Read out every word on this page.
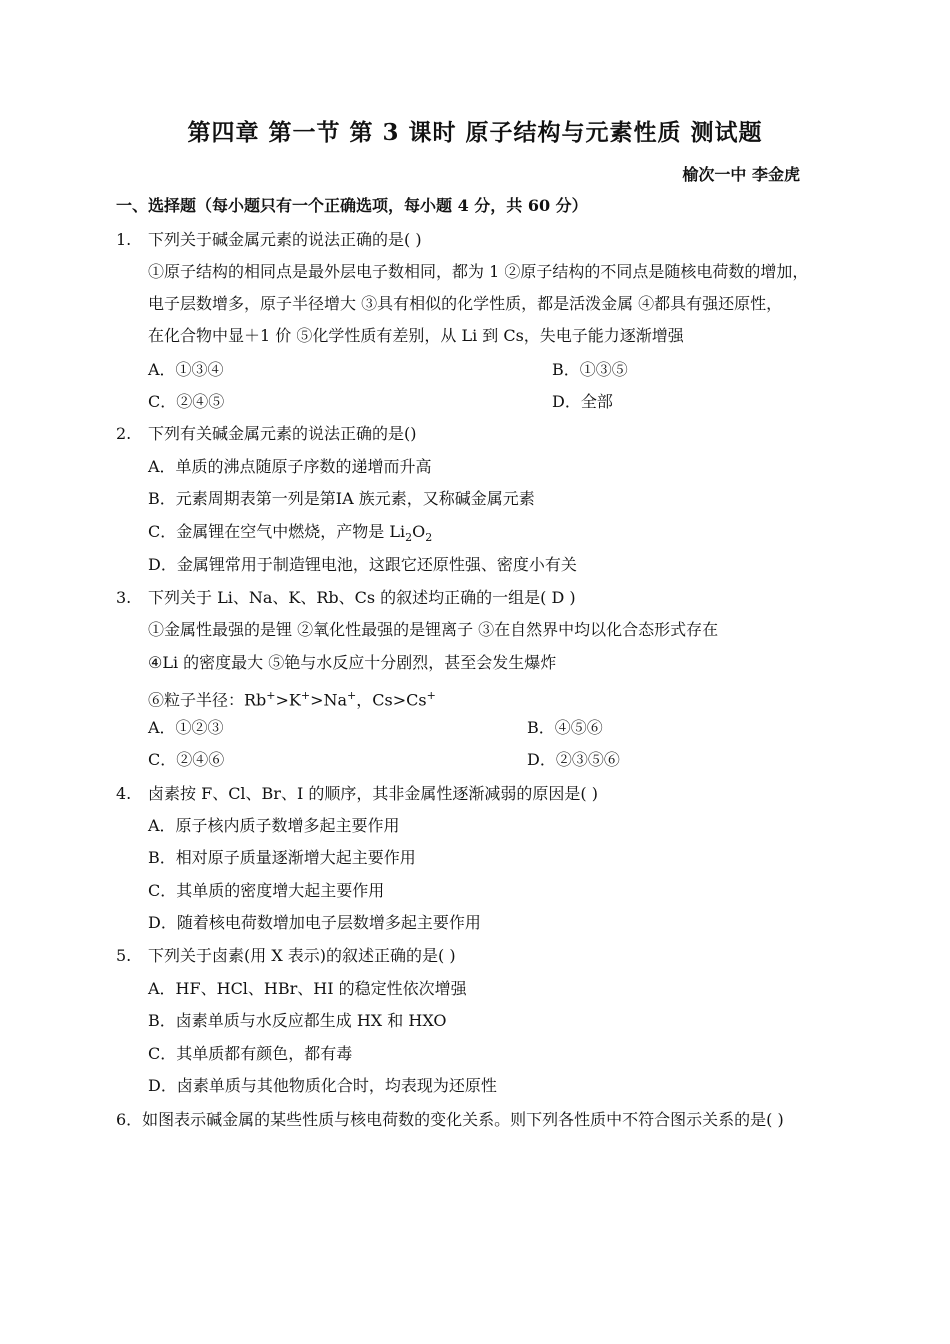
第四章 第一节 第 3 课时 原子结构与元素性质 测试题
榆次一中 李金虎
一、选择题（每小题只有一个正确选项，每小题 4 分，共 60 分）
1. 下列关于碱金属元素的说法正确的是( )
①原子结构的相同点是最外层电子数相同，都为 1 ②原子结构的不同点是随核电荷数的增加，
电子层数增多，原子半径增大 ③具有相似的化学性质，都是活泼金属 ④都具有强还原性，
在化合物中显＋1 价 ⑤化学性质有差别，从 Li 到 Cs，失电子能力逐渐增强
A．①③④	B．①③⑤
C．②④⑤	D．全部
2. 下列有关碱金属元素的说法正确的是()
A．单质的沸点随原子序数的递增而升高
B．元素周期表第一列是第ⅠA 族元素，又称碱金属元素
C．金属锂在空气中燃烧，产物是 $Li_2O_2$
D．金属锂常用于制造锂电池，这跟它还原性强、密度小有关
3. 下列关于 Li、Na、K、Rb、Cs 的叙述均正确的一组是( D )
①金属性最强的是锂 ②氧化性最强的是锂离子 ③在自然界中均以化合态形式存在
④Li 的密度最大 ⑤铯与水反应十分剧烈，甚至会发生爆炸
⑥粒子半径：Rb+>K+>Na+，Cs>Cs+
A．①②③	B．④⑤⑥
C．②④⑥	D．②③⑤⑥
4. 卤素按 F、Cl、Br、I 的顺序，其非金属性逐渐减弱的原因是( )
A．原子核内质子数增多起主要作用
B．相对原子质量逐渐增大起主要作用
C．其单质的密度增大起主要作用
D．随着核电荷数增加电子层数增多起主要作用
5. 下列关于卤素(用 X 表示)的叙述正确的是( )
A．HF、HCl、HBr、HI 的稳定性依次增强
B．卤素单质与水反应都生成 HX 和 HXO
C．其单质都有颜色，都有毒
D．卤素单质与其他物质化合时，均表现为还原性
6．如图表示碱金属的某些性质与核电荷数的变化关系。则下列各性质中不符合图示关系的是( )
